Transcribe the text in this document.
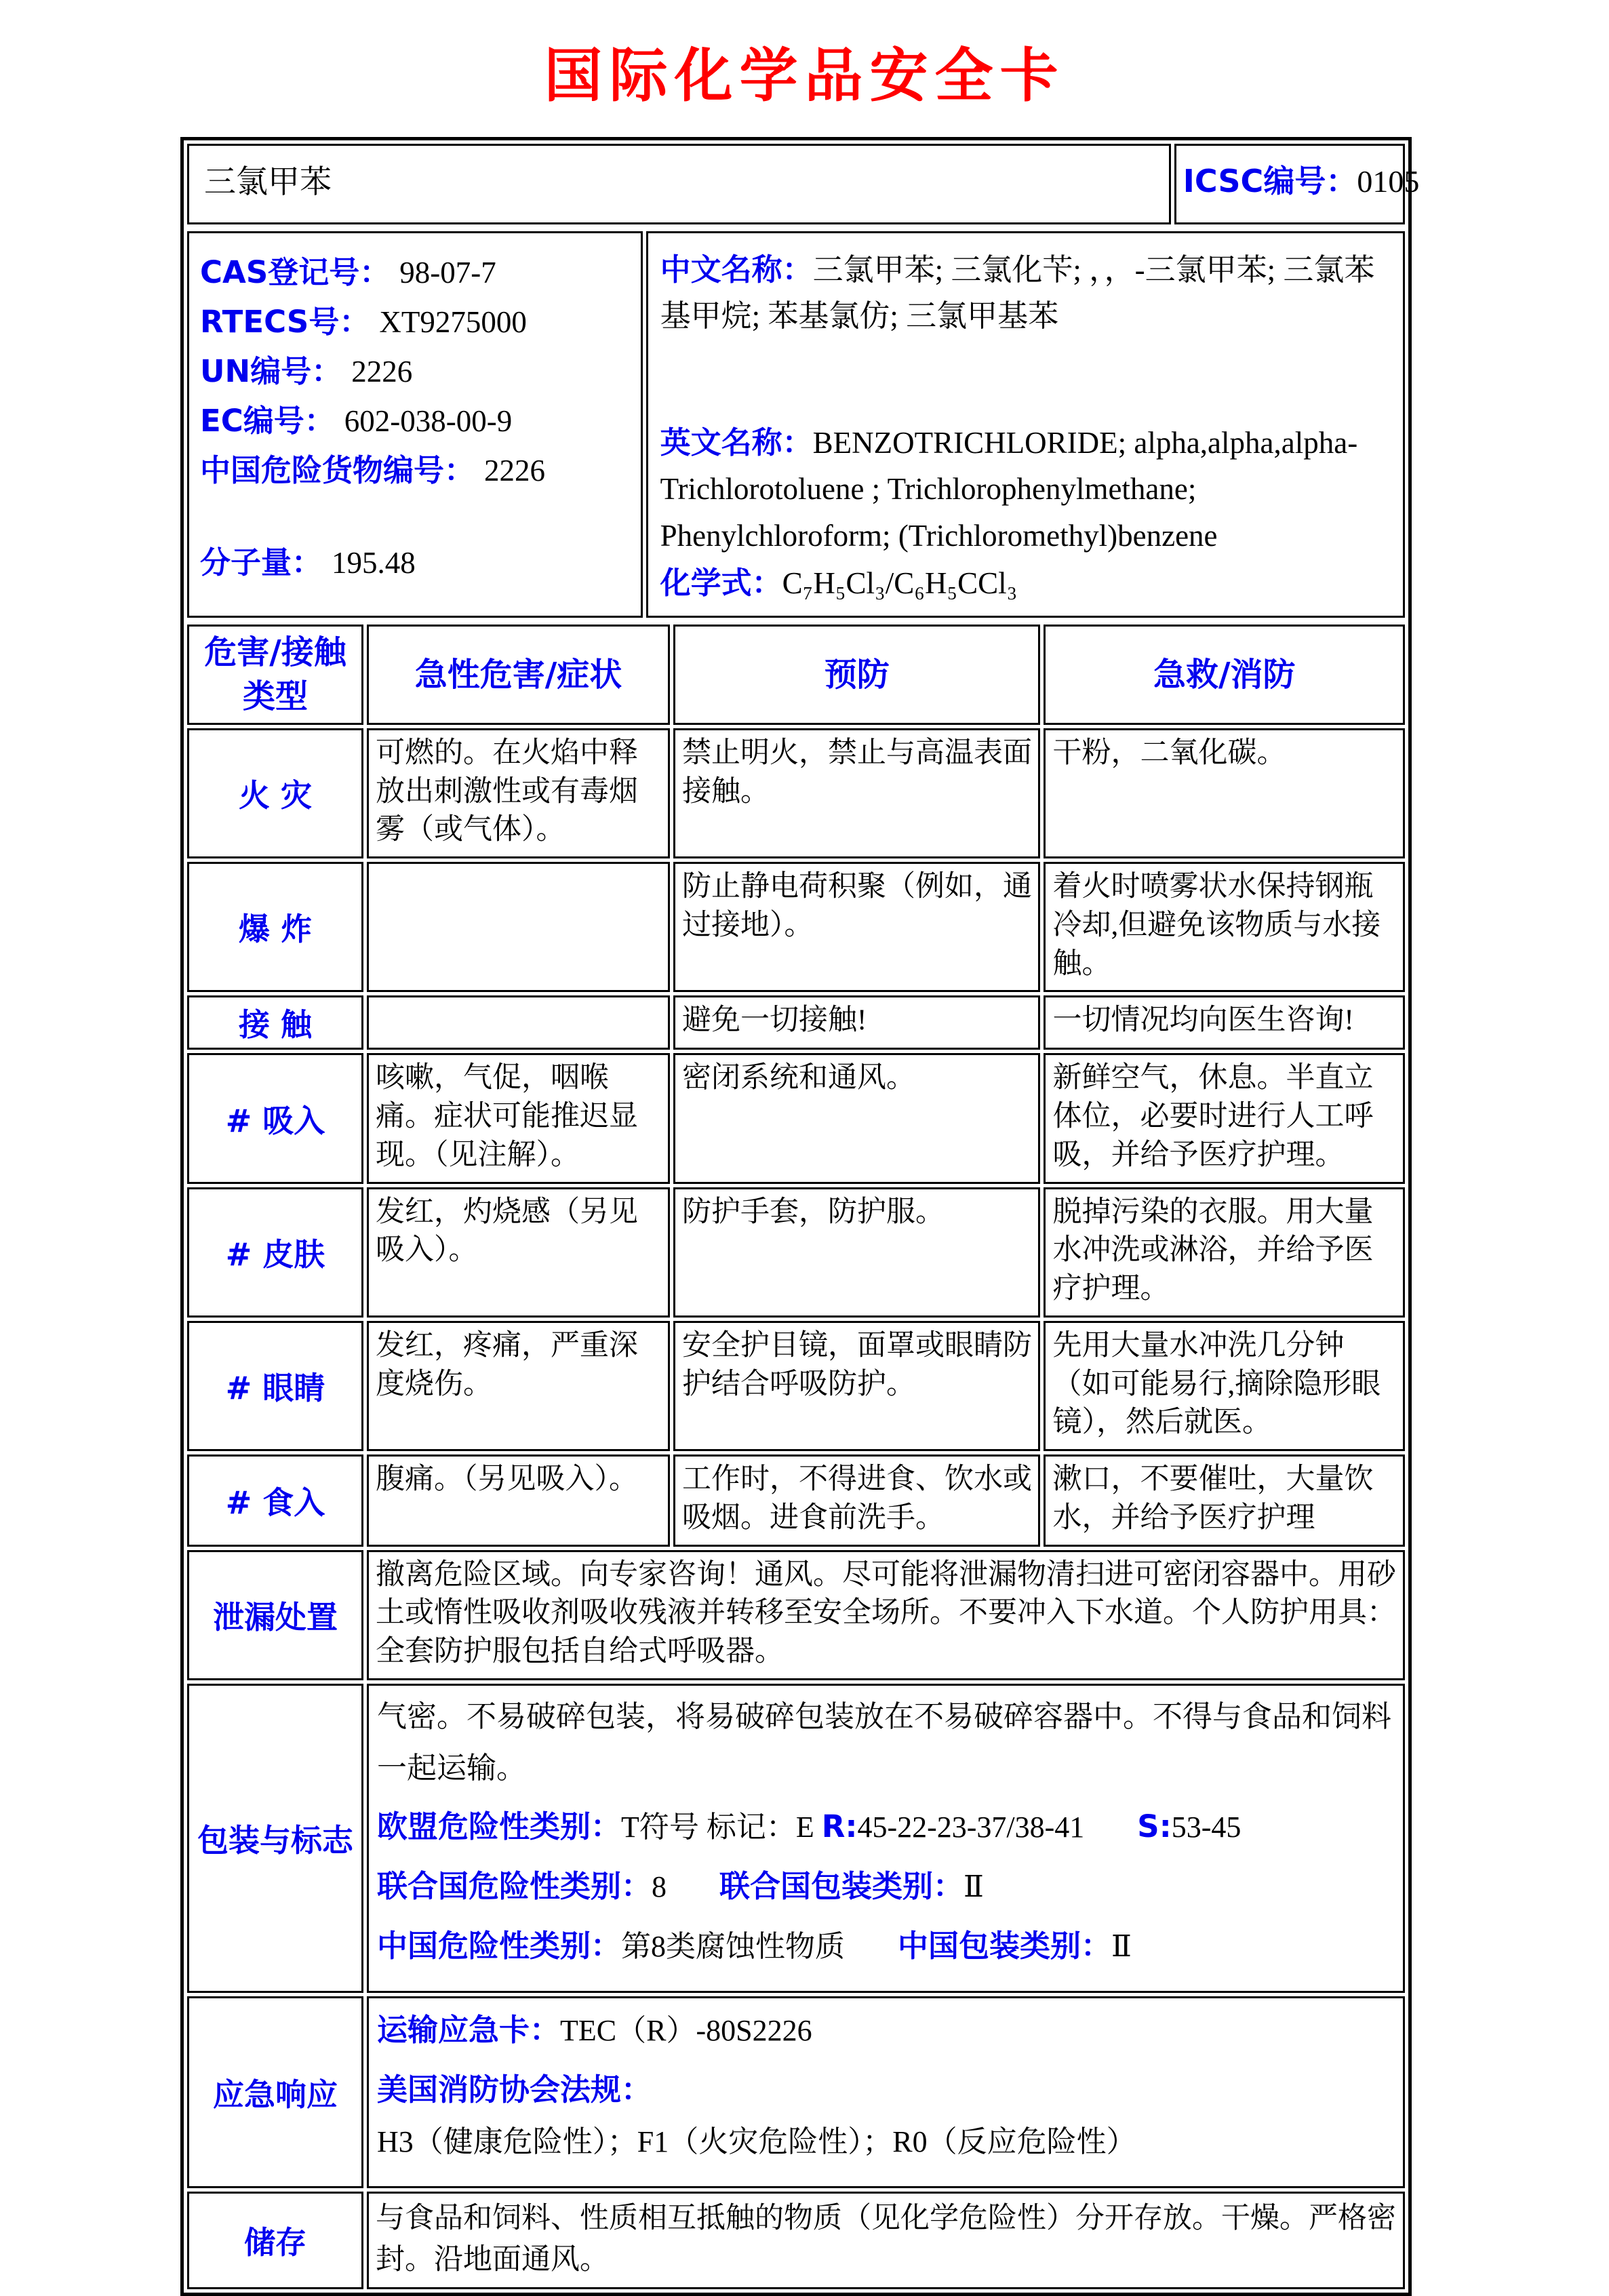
国际化学品安全卡
三氯甲苯	ICSC编号：0105
CAS登记号： 98-07-7
RTECS号： XT9275000
UN编号： 2226
EC编号： 602-038-00-9
中国危险货物编号： 2226
分子量： 195.48

中文名称：三氯甲苯; 三氯化苄; ，，-三氯甲苯; 三氯苯基甲烷; 苯基氯仿; 三氯甲基苯

英文名称：BENZOTRICHLORIDE; alpha,alpha,alpha-Trichlorotoluene ; Trichlorophenylmethane; Phenylchloroform; (Trichloromethyl)benzene

化学式：C₇H₅Cl₃/C₆H₅CCl₃

危害/接触类型	急性危害/症状	预防	急救/消防
火 灾	可燃的。在火焰中释放出刺激性或有毒烟雾（或气体）。	禁止明火，禁止与高温表面接触。	干粉，二氧化碳。
爆 炸		防止静电荷积聚（例如，通过接地）。	着火时喷雾状水保持钢瓶冷却,但避免该物质与水接触。
接 触		避免一切接触!	一切情况均向医生咨询!
# 吸入	咳嗽，气促，咽喉痛。症状可能推迟显现。（见注解）。	密闭系统和通风。	新鲜空气，休息。半直立体位，必要时进行人工呼吸，并给予医疗护理。
# 皮肤	发红，灼烧感（另见吸入）。	防护手套，防护服。	脱掉污染的衣服。用大量水冲洗或淋浴，并给予医疗护理。
# 眼睛	发红，疼痛，严重深度烧伤。	安全护目镜，面罩或眼睛防护结合呼吸防护。	先用大量水冲洗几分钟（如可能易行,摘除隐形眼镜），然后就医。
# 食入	腹痛。（另见吸入）。	工作时，不得进食、饮水或吸烟。进食前洗手。	漱口，不要催吐，大量饮水，并给予医疗护理
泄漏处置	撤离危险区域。向专家咨询！通风。尽可能将泄漏物清扫进可密闭容器中。用砂土或惰性吸收剂吸收残液并转移至安全场所。不要冲入下水道。个人防护用具：全套防护服包括自给式呼吸器。		
包装与标志	气密。不易破碎包装，将易破碎包装放在不易破碎容器中。不得与食品和饲料一起运输。

欧盟危险性类别：T符号 标记：E R:45-22-23-37/38-41 S:53-45

联合国危险性类别：8 联合国包装类别：Ⅱ

中国危险性类别：第8类腐蚀性物质 中国包装类别：Ⅱ		

应急响应	运输应急卡：TEC（R）-80S2226

美国消防协会法规：H3（健康危险性）；F1（火灾危险性）；R0（反应危险性）		

储存	与食品和饲料、性质相互抵触的物质（见化学危险性）分开存放。干燥。严格密封。沿地面通风。		
